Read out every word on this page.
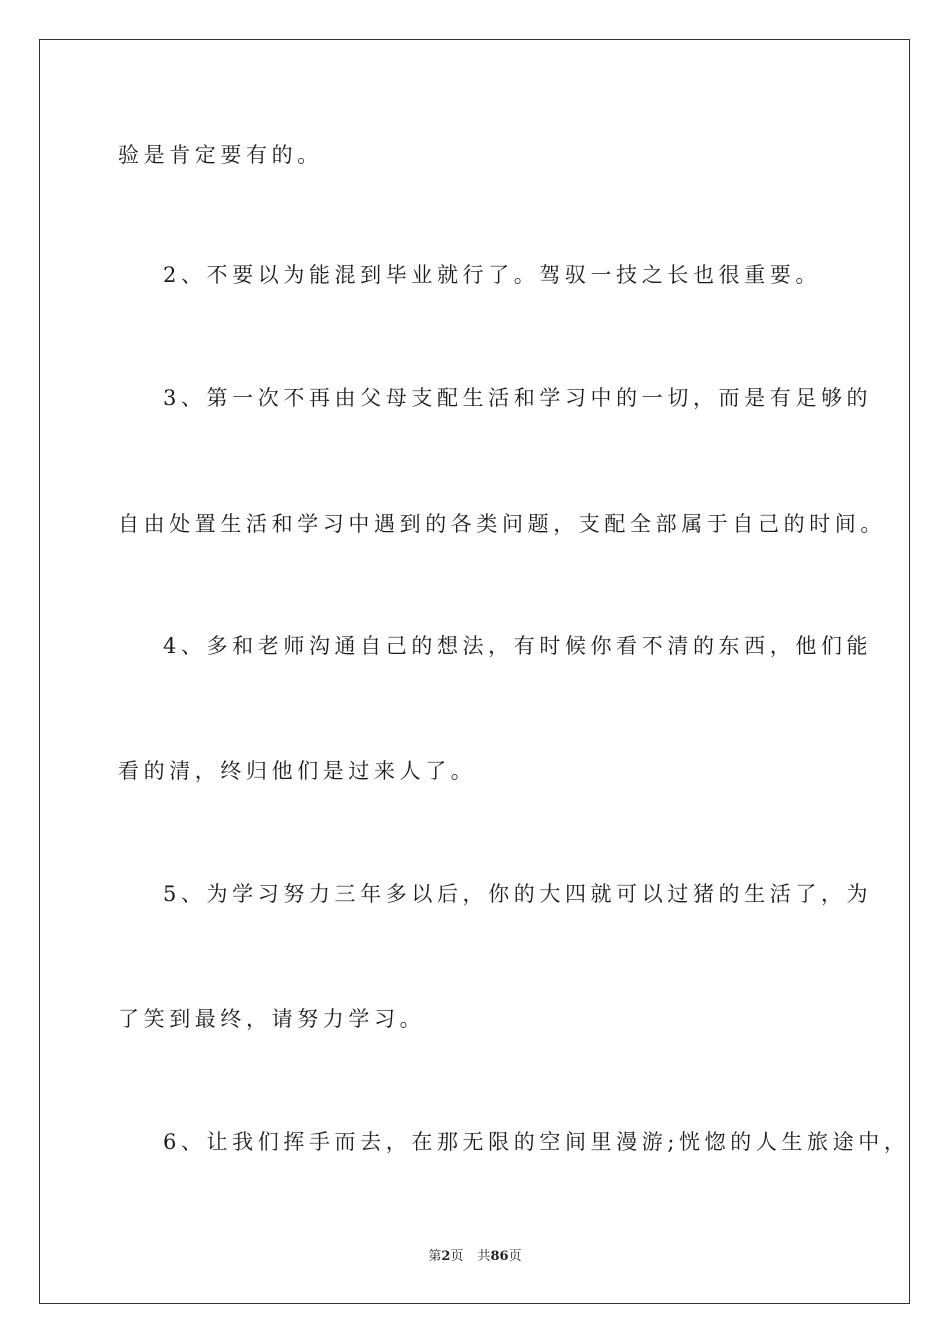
验是肯定要有的。
2、不要以为能混到毕业就行了。驾驭一技之长也很重要。
3、第一次不再由父母支配生活和学习中的一切，而是有足够的
自由处置生活和学习中遇到的各类问题，支配全部属于自己的时间。
4、多和老师沟通自己的想法，有时候你看不清的东西，他们能
看的清，终归他们是过来人了。
5、为学习努力三年多以后，你的大四就可以过猪的生活了，为
了笑到最终，请努力学习。
6、让我们挥手而去，在那无限的空间里漫游;恍惚的人生旅途中，
第2页 共86页
